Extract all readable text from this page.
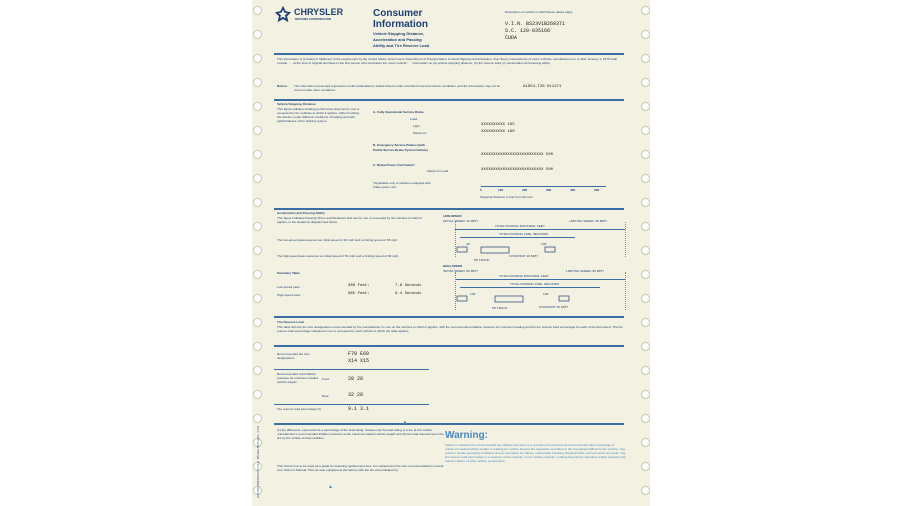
CHRYSLER
MOTORS CORPORATION	Consumer
Information
Vehicle Stopping Distance,
Acceleration and Passing
Ability and Tire Reserve Load
Description of vehicle to which these tables apply
V.I.N. BS23V1B268371
S.C. 120-035166
CUDA
This information is provided in fulfillment of the requirement by the United States Government, Department of Transportation, Federal Highway Administration, that "Every manufacturer of motor vehicles manufactured on or after January 1, 1970 shall provide . . . at the time of original purchase to the first person who purchases the motor vehicle". . . information on (a) vehicle stopping distance; (b) the reserve load; (c) acceleration and passing ability.
Notice: The information presented represents results obtainable by skilled drivers under controlled road and vehicle conditions, and the information may not be correct under other conditions.
A1954-T26 011271
Vehicle Stopping Distance
This figure indicates braking performance that can be met or exceeded by the vehicles to which it applies, without locking the wheels, under different conditions of loading and with partial failures of the braking system.
A. Fully Operational Service Brake
Load:
Light
Maximum
XXXXXXXXXX 195
XXXXXXXXXX 190
B. Emergency Service Brakes (with
Partial Service Brake System Failure)
XXXXXXXXXXXXXXXXXXXXXXXXXX 500
C. Brake Power Unit Failure*
Maximum Load	XXXXXXXXXXXXXXXXXXXXXXXXXX 500
*Applicable only to vehicles equipped with brake power unit.
0	100	200	300	400	500
Stopping Distance in feet from 60 mph
Acceleration and Passing Ability
This figure indicates Passing Times and Distances that can be met or exceeded by the vehicles to which it applies, in the situations diagrammed below.
The low-speed pass assumes an initial speed of 20 mph and a limiting speed of 35 mph.
The high-speed pass assumes an initial speed of 50 mph and a limiting speed of 80 mph.
Summary Table
Low-speed pass . . .	380 Feet;	7.8 Seconds
High-speed pass . . .	965 Feet;	9.4 Seconds
LOW-SPEED
INITIAL SPEED: 20 MPH	LIMITING SPEED: 35 MPH
TOTAL PASSING DISTANCE, FEET
TOTAL PASSING TIME, SECONDS
40'	100'
55' TRUCK
CONSTANT 20 MPH
HIGH-SPEED
INITIAL SPEED: 50 MPH	LIMITING SPEED: 80 MPH
TOTAL PASSING DISTANCE, FEET
TOTAL PASSING TIME, SECONDS
100'	100'
55' TRUCK	CONSTANT 50 MPH
Tire Reserve Load
This table lists the tire size designations recommended by the manufacturer for use on the vehicles to which it applies, with the recommended inflation pressure for maximum loading and the tire reserve load percentage for each of the tires listed. The tire reserve load percentage indicated is met or exceeded by each vehicle to which the table applies.
Recommended tire size designations
F70 E60
X14 X15
Recommended cold inflation pressure for maximum loaded vehicle weight
Front	28 28
Rear	32 28
Tire reserve load percentage (1)	9.1 3.1
▲
(1) the difference, expressed as a percentage of the load rating, between (a) the load rating of a tire at the vehicle manufacturer's recommended inflation pressure at the maximum loaded vehicle weight and (b) the load imposed upon the tire by the vehicle at that condition.
This chart is not to be used as a guide for selecting replacement tires. For replacement tire size recommendations consult your Owner's Manual. This car was equipped at the factory with the tire size indicated by
▲
Warning:
Failure to maintain the recommended tire inflation pressure or to increase the pressure as recommended when operating at maximum loaded vehicle weight or loading the vehicle beyond the capacities specified on the tire placard affixed to the vehicle, may result in unsafe operating conditions due to premature tire failure, unfavorable handling characteristics, and excessive tire wear. The tire reserve load percentage is a measure of the capacity, not of vehicle capacity. Loading beyond the specified vehicle capacity may result in failure of other vehicle components.
(3-8-68) PRINTED IN U.S.A. BS-102-5071 (Rev. 4-72)
